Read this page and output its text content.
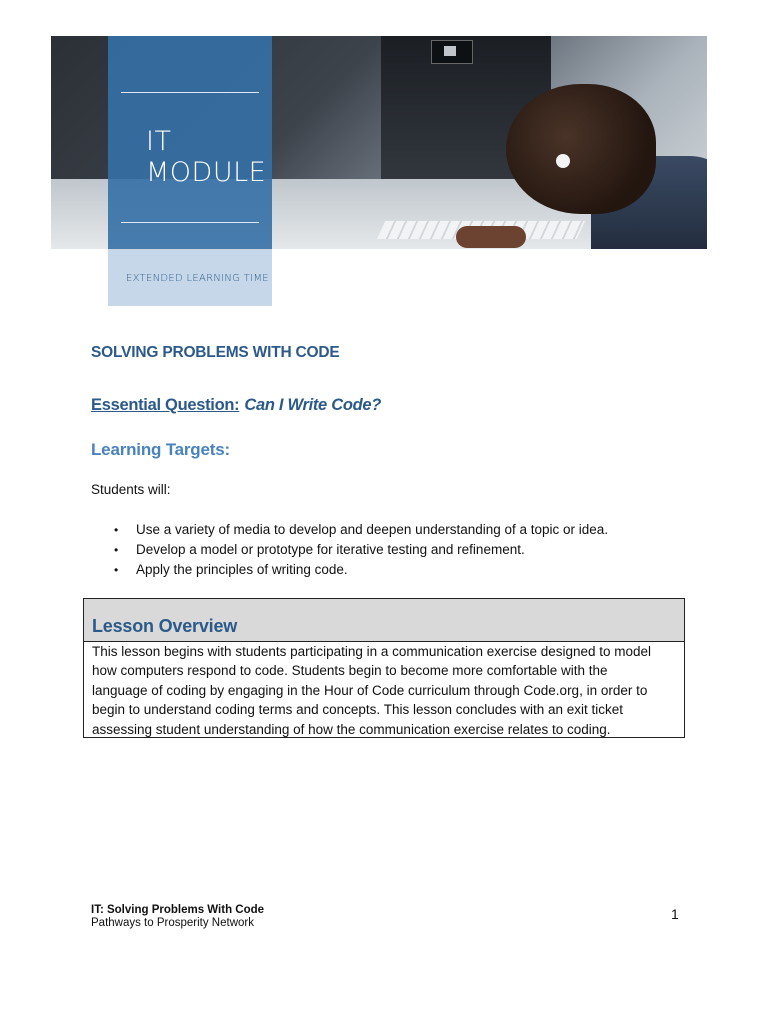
IT
MODULE
EXTENDED LEARNING TIME
SOLVING PROBLEMS WITH CODE
Essential Question: Can I Write Code?
Learning Targets:
Students will:
• Use a variety of media to develop and deepen understanding of a topic or idea.
• Develop a model or prototype for iterative testing and refinement.
• Apply the principles of writing code.
Lesson Overview
This lesson begins with students participating in a communication exercise designed to model
how computers respond to code. Students begin to become more comfortable with the
language of coding by engaging in the Hour of Code curriculum through Code.org, in order to
begin to understand coding terms and concepts. This lesson concludes with an exit ticket
assessing student understanding of how the communication exercise relates to coding.
IT: Solving Problems With Code
Pathways to Prosperity Network
1
